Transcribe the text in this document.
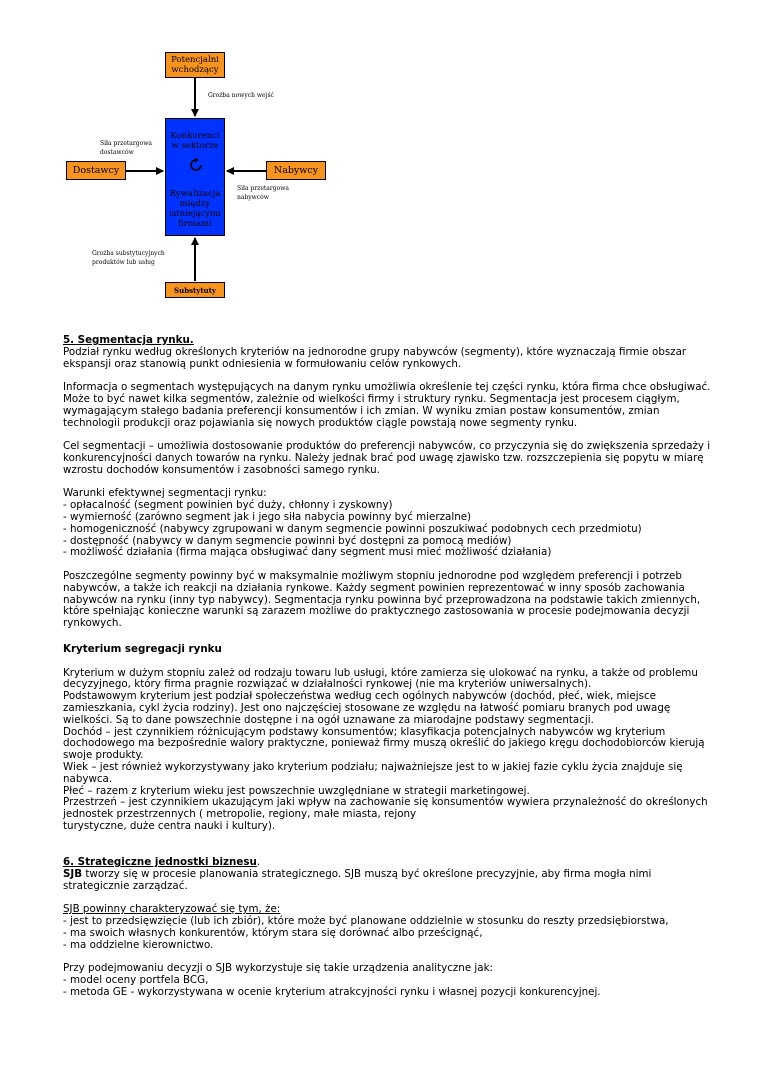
Potencjalni wchodzący
Groźba nowych wejść
Siła przetargowa dostawców
Dostawcy
Konkurenci w sektorze
Rywalizacja między istniejącymi firmami
Nabywcy
Siła przetargowa nabywców
Groźba substytucyjnych produktów lub usług
Substytuty

5. Segmentacja rynku.

Podział rynku według określonych kryteriów na jednorodne grupy nabywców (segmenty), które wyznaczają firmie obszar ekspansji oraz stanowią punkt odniesienia w formułowaniu celów rynkowych.

Informacja o segmentach występujących na danym rynku umożliwia określenie tej części rynku, która firma chce obsługiwać. Może to być nawet kilka segmentów, zależnie od wielkości firmy i struktury rynku. Segmentacja jest procesem ciągłym, wymagającym stałego badania preferencji konsumentów i ich zmian. W wyniku zmian postaw konsumentów, zmian technologii produkcji oraz pojawiania się nowych produktów ciągle powstają nowe segmenty rynku.

Cel segmentacji – umożliwia dostosowanie produktów do preferencji nabywców, co przyczynia się do zwiększenia sprzedaży i konkurencyjności danych towarów na rynku. Należy jednak brać pod uwagę zjawisko tzw. rozszczepienia się popytu w miarę wzrostu dochodów konsumentów i zasobności samego rynku.

Warunki efektywnej segmentacji rynku:

- opłacalność (segment powinien być duży, chłonny i zyskowny)

- wymierność (zarówno segment jak i jego siła nabycia powinny być mierzalne)

- homogeniczność (nabywcy zgrupowani w danym segmencie powinni poszukiwać podobnych cech przedmiotu)

- dostępność (nabywcy w danym segmencie powinni być dostępni za pomocą mediów)

- możliwość działania (firma mająca obsługiwać dany segment musi mieć możliwość działania)

Poszczególne segmenty powinny być w maksymalnie możliwym stopniu jednorodne pod względem preferencji i potrzeb nabywców, a także ich reakcji na działania rynkowe. Każdy segment powinien reprezentować w inny sposób zachowania nabywców na rynku (inny typ nabywcy). Segmentacja rynku powinna być przeprowadzona na podstawie takich zmiennych, które spełniając konieczne warunki są zarazem możliwe do praktycznego zastosowania w procesie podejmowania decyzji rynkowych.

Kryterium segregacji rynku

Kryterium w dużym stopniu zależ od rodzaju towaru lub usługi, które zamierza się ulokować na rynku, a także od problemu decyzyjnego, który firma pragnie rozwiązać w działalności rynkowej (nie ma kryteriów uniwersalnych).

Podstawowym kryterium jest podział społeczeństwa według cech ogólnych nabywców (dochód, płeć, wiek, miejsce zamieszkania, cykl życia rodziny). Jest ono najczęściej stosowane ze względu na łatwość pomiaru branych pod uwagę wielkości. Są to dane powszechnie dostępne i na ogół uznawane za miarodajne podstawy segmentacji.

Dochód – jest czynnikiem różnicującym podstawy konsumentów; klasyfikacja potencjalnych nabywców wg kryterium dochodowego ma bezpośrednie walory praktyczne, ponieważ firmy muszą określić do jakiego kręgu dochodobiorców kierują swoje produkty.

Wiek – jest również wykorzystywany jako kryterium podziału; najważniejsze jest to w jakiej fazie cyklu życia znajduje się nabywca.

Płeć – razem z kryterium wieku jest powszechnie uwzględniane w strategii marketingowej.

Przestrzeń – jest czynnikiem ukazującym jaki wpływ na zachowanie się konsumentów wywiera przynależność do określonych jednostek przestrzennych ( metropolie, regiony, małe miasta, rejony

turystyczne, duże centra nauki i kultury).

6. Strategiczne jednostki biznesu.

SJB tworzy się w procesie planowania strategicznego. SJB muszą być określone precyzyjnie, aby firma mogła nimi strategicznie zarządzać.

SJB powinny charakteryzować się tym, że:

- jest to przedsięwzięcie (lub ich zbiór), które może być planowane oddzielnie w stosunku do reszty przedsiębiorstwa,

- ma swoich własnych konkurentów, którym stara się dorównać albo prześcignąć,

- ma oddzielne kierownictwo.

Przy podejmowaniu decyzji o SJB wykorzystuje się takie urządzenia analityczne jak:

- model oceny portfela BCG,

- metoda GE - wykorzystywana w ocenie kryterium atrakcyjności rynku i własnej pozycji konkurencyjnej.
